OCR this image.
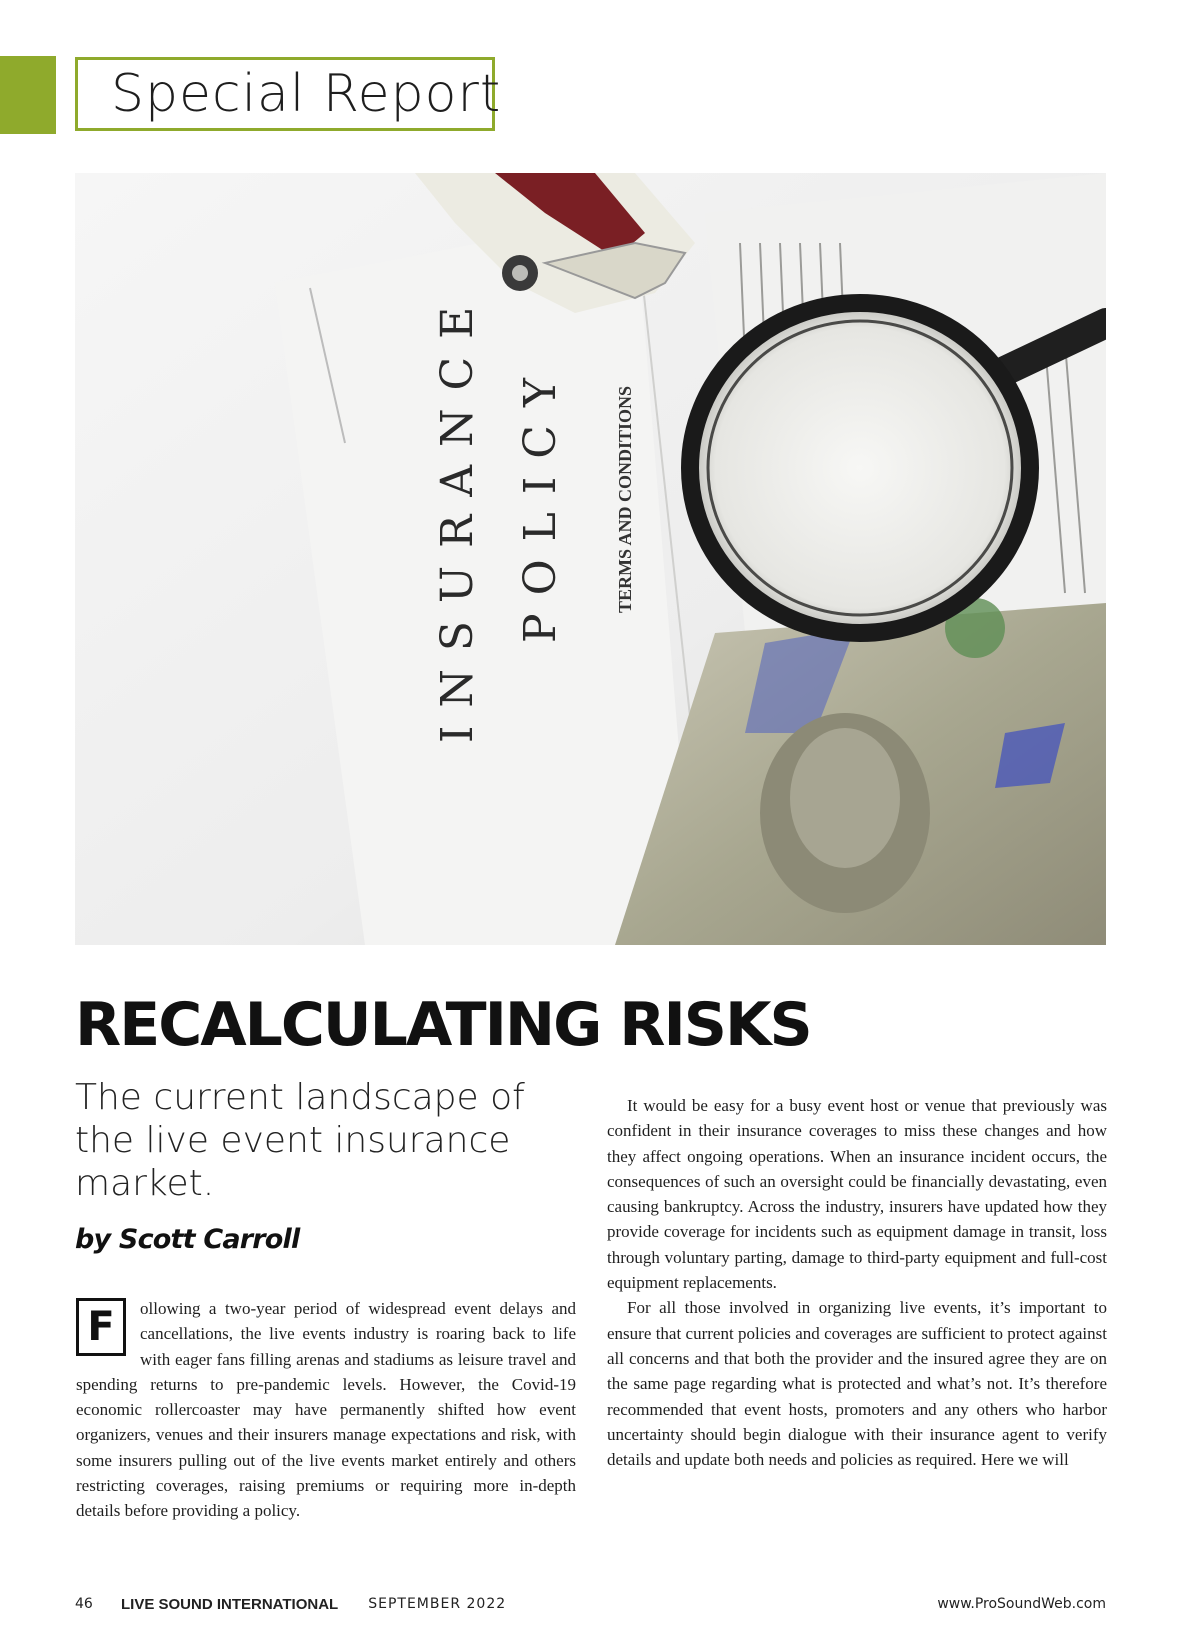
Special Report
INSURANCE POLICY	TERMS AND CONDITIONS
RECALCULATING RISKS

The current landscape of the live event insurance market.

by Scott Carroll

F	ollowing a two-year period of widespread event delays and cancellations, the live events industry is roaring back to life with eager fans filling arenas and stadiums as leisure travel and spending returns to pre-pandemic levels. However, the Covid-19 economic rollercoaster may have permanently shifted how event organizers, venues and their insurers manage expectations and risk, with some insurers pulling out of the live events market entirely and others restricting coverages, raising premiums or requiring more in-depth details before providing a policy.

It would be easy for a busy event host or venue that previously was confident in their insurance coverages to miss these changes and how they affect ongoing operations. When an insurance incident occurs, the consequences of such an oversight could be financially devastating, even causing bankruptcy. Across the industry, insurers have updated how they provide coverage for incidents such as equipment damage in transit, loss through voluntary parting, damage to third-party equipment and full-cost equipment replacements.

For all those involved in organizing live events, it’s important to ensure that current policies and coverages are sufficient to protect against all concerns and that both the provider and the insured agree they are on the same page regarding what is protected and what’s not. It’s therefore recommended that event hosts, promoters and any others who harbor uncertainty should begin dialogue with their insurance agent to verify details and update both needs and policies as required. Here we will

46	LIVE SOUND INTERNATIONAL SEPTEMBER 2022	www.ProSoundWeb.com
